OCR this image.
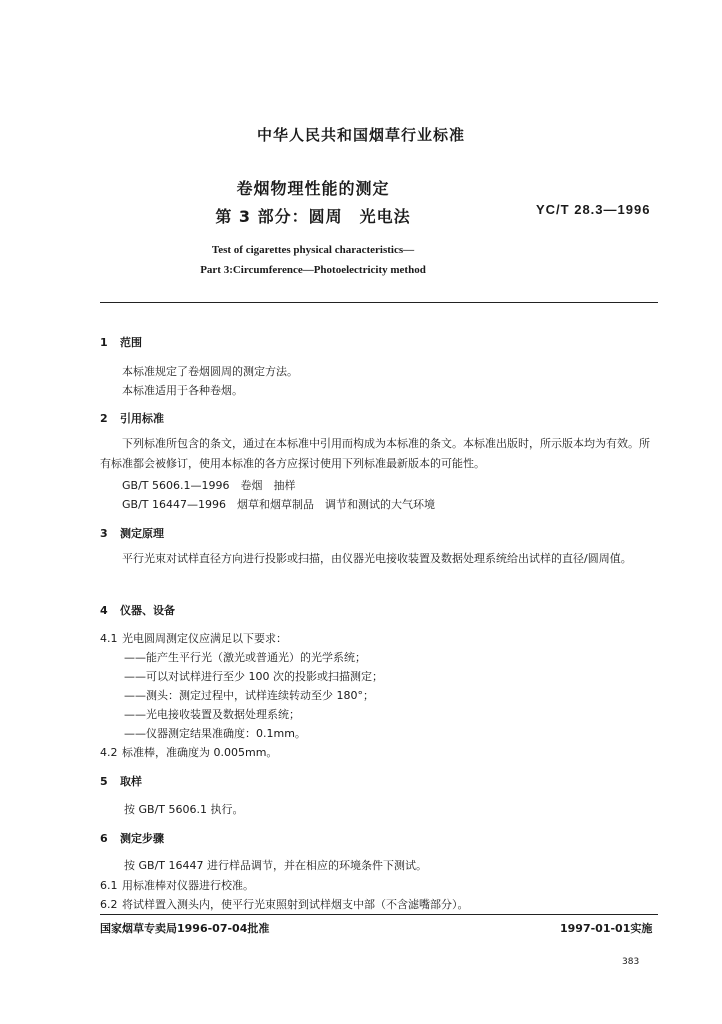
中华人民共和国烟草行业标准
卷烟物理性能的测定
第 3 部分：圆周　光电法	YC/T 28.3—1996
Test of cigarettes physical characteristics—
Part 3:Circumference—Photoelectricity method
1 范围
本标准规定了卷烟圆周的测定方法。
本标准适用于各种卷烟。
2 引用标准
下列标准所包含的条文，通过在本标准中引用而构成为本标准的条文。本标准出版时，所示版本均为有效。所有标准都会被修订，使用本标准的各方应探讨使用下列标准最新版本的可能性。
GB/T 5606.1—1996　卷烟　抽样
GB/T 16447—1996　烟草和烟草制品　调节和测试的大气环境
3 测定原理
平行光束对试样直径方向进行投影或扫描，由仪器光电接收装置及数据处理系统给出试样的直径/圆周值。
4 仪器、设备
4.1 光电圆周测定仪应满足以下要求：
——能产生平行光（激光或普通光）的光学系统；
——可以对试样进行至少 100 次的投影或扫描测定；
——测头：测定过程中，试样连续转动至少 180°；
——光电接收装置及数据处理系统；
——仪器测定结果准确度：0.1mm。
4.2 标准棒，准确度为 0.005mm。
5 取样
按 GB/T 5606.1 执行。
6 测定步骤
按 GB/T 16447 进行样品调节，并在相应的环境条件下测试。
6.1 用标准棒对仪器进行校准。
6.2 将试样置入测头内，使平行光束照射到试样烟支中部（不含滤嘴部分）。
国家烟草专卖局1996-07-04批准	1997-01-01实施
383
